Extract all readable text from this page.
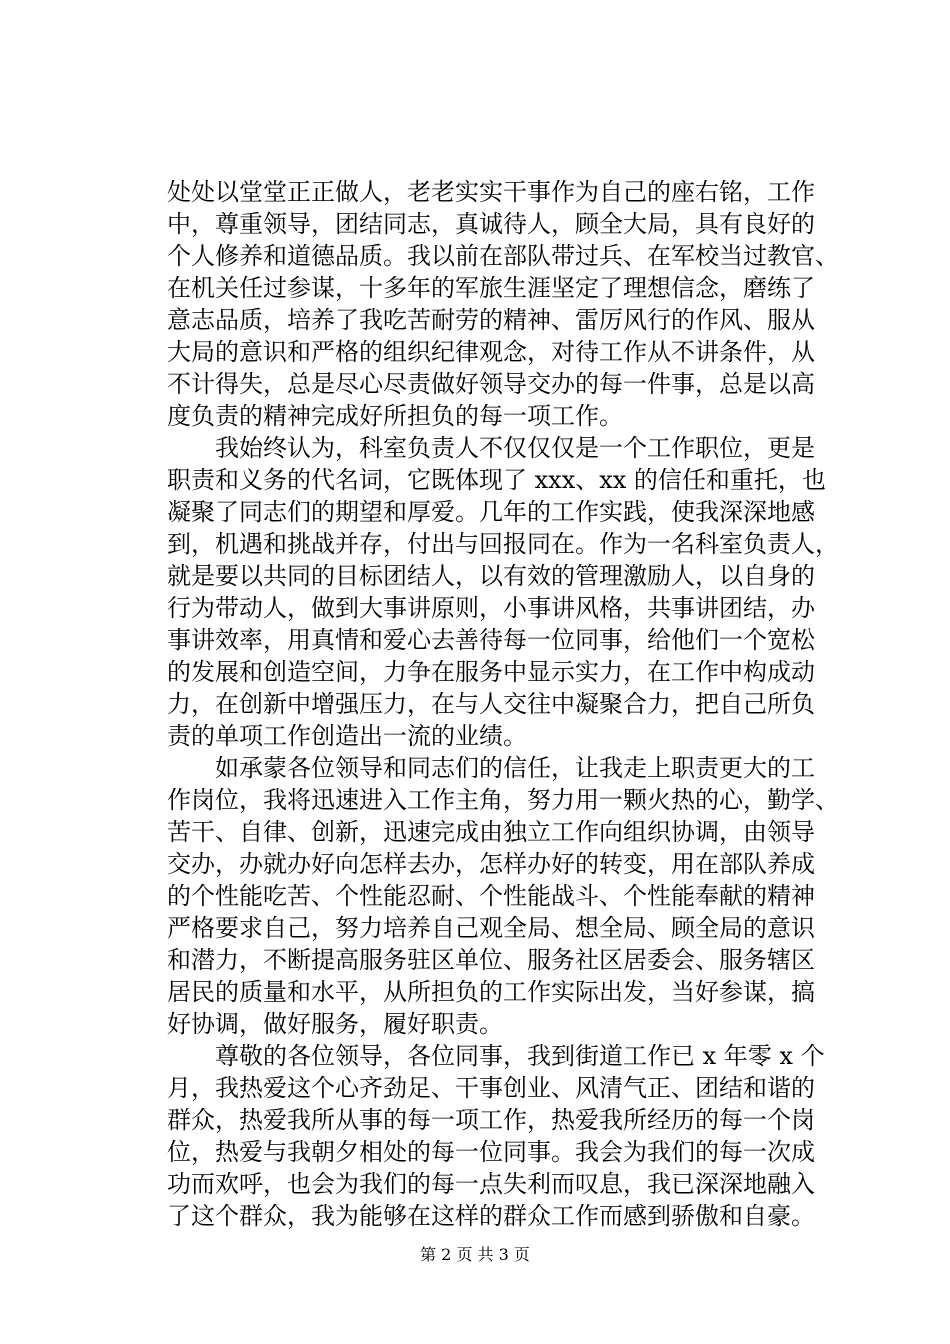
处处以堂堂正正做人，老老实实干事作为自己的座右铭，工作
中，尊重领导，团结同志，真诚待人，顾全大局，具有良好的
个人修养和道德品质。我以前在部队带过兵、在军校当过教官、
在机关任过参谋，十多年的军旅生涯坚定了理想信念，磨练了
意志品质，培养了我吃苦耐劳的精神、雷厉风行的作风、服从
大局的意识和严格的组织纪律观念，对待工作从不讲条件，从
不计得失，总是尽心尽责做好领导交办的每一件事，总是以高
度负责的精神完成好所担负的每一项工作。
　　我始终认为，科室负责人不仅仅仅是一个工作职位，更是
职责和义务的代名词，它既体现了 xxx、xx 的信任和重托，也
凝聚了同志们的期望和厚爱。几年的工作实践，使我深深地感
到，机遇和挑战并存，付出与回报同在。作为一名科室负责人，
就是要以共同的目标团结人，以有效的管理激励人，以自身的
行为带动人，做到大事讲原则，小事讲风格，共事讲团结，办
事讲效率，用真情和爱心去善待每一位同事，给他们一个宽松
的发展和创造空间，力争在服务中显示实力，在工作中构成动
力，在创新中增强压力，在与人交往中凝聚合力，把自己所负
责的单项工作创造出一流的业绩。
　　如承蒙各位领导和同志们的信任，让我走上职责更大的工
作岗位，我将迅速进入工作主角，努力用一颗火热的心，勤学、
苦干、自律、创新，迅速完成由独立工作向组织协调，由领导
交办，办就办好向怎样去办，怎样办好的转变，用在部队养成
的个性能吃苦、个性能忍耐、个性能战斗、个性能奉献的精神
严格要求自己，努力培养自己观全局、想全局、顾全局的意识
和潜力，不断提高服务驻区单位、服务社区居委会、服务辖区
居民的质量和水平，从所担负的工作实际出发，当好参谋，搞
好协调，做好服务，履好职责。
　　尊敬的各位领导，各位同事，我到街道工作已 x 年零 x 个
月，我热爱这个心齐劲足、干事创业、风清气正、团结和谐的
群众，热爱我所从事的每一项工作，热爱我所经历的每一个岗
位，热爱与我朝夕相处的每一位同事。我会为我们的每一次成
功而欢呼，也会为我们的每一点失利而叹息，我已深深地融入
了这个群众，我为能够在这样的群众工作而感到骄傲和自豪。
第 2 页 共 3 页
